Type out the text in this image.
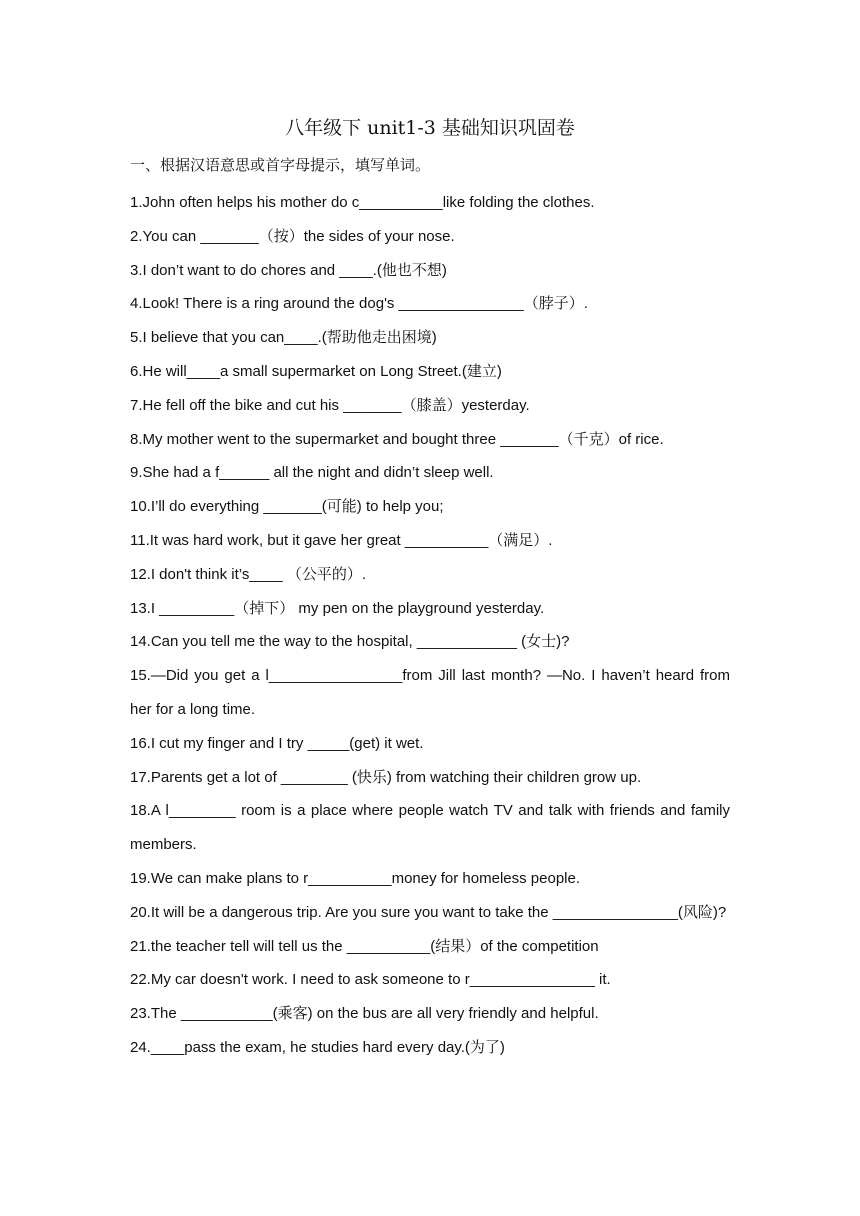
八年级下 unit1-3 基础知识巩固卷
一、根据汉语意思或首字母提示，填写单词。

1.John often helps his mother do c__________like folding the clothes.

2.You can _______（按）the sides of your nose.

3.I don’t want to do chores and ____.(他也不想)

4.Look! There is a ring around the dog's _______________（脖子）.

5.I believe that you can____.(帮助他走出困境)

6.He will____a small supermarket on Long Street.(建立)

7.He fell off the bike and cut his _______（膝盖）yesterday.

8.My mother went to the supermarket and bought three _______（千克）of rice.

9.She had a f______ all the night and didn’t sleep well.

10.I’ll do everything _______(可能) to help you;

11.It was hard work, but it gave her great __________（满足）.

12.I don't think it’s____ （公平的）.

13.I _________（掉下） my pen on the playground yesterday.

14.Can you tell me the way to the hospital, ____________ (女士)?

15.—Did you get a l________________from Jill last month? —No. I haven’t heard from her for a long time.

16.I cut my finger and I try _____(get) it wet.

17.Parents get a lot of ________ (快乐) from watching their children grow up.

18.A l________ room is a place where people watch TV and talk with friends and family members.

19.We can make plans to r__________money for homeless people.

20.It will be a dangerous trip. Are you sure you want to take the _______________(风险)?

21.the teacher tell will tell us the __________(结果）of the competition

22.My car doesn't work. I need to ask someone to r_______________ it.

23.The ___________(乘客) on the bus are all very friendly and helpful.

24.____pass the exam, he studies hard every day.(为了)
